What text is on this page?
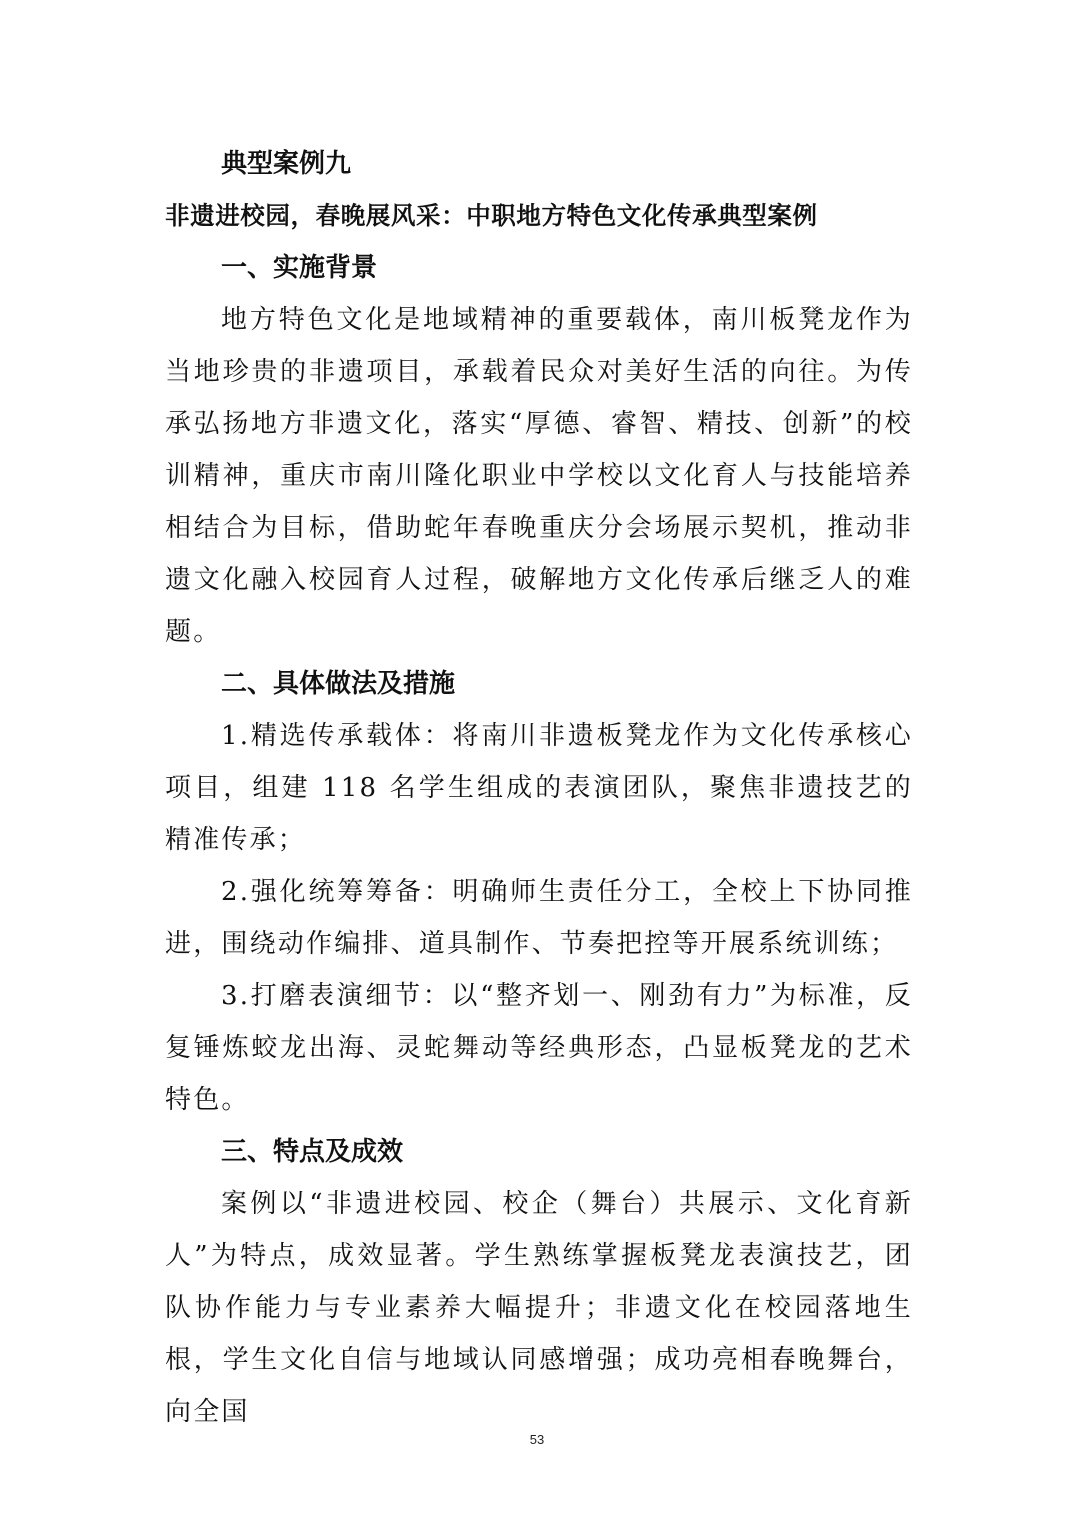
典型案例九

非遗进校园，春晚展风采：中职地方特色文化传承典型案例

一、实施背景

地方特色文化是地域精神的重要载体，南川板凳龙作为当地珍贵的非遗项目，承载着民众对美好生活的向往。为传承弘扬地方非遗文化，落实“厚德、睿智、精技、创新”的校训精神，重庆市南川隆化职业中学校以文化育人与技能培养相结合为目标，借助蛇年春晚重庆分会场展示契机，推动非遗文化融入校园育人过程，破解地方文化传承后继乏人的难题。

二、具体做法及措施

1.精选传承载体：将南川非遗板凳龙作为文化传承核心项目，组建 118 名学生组成的表演团队，聚焦非遗技艺的精准传承；

2.强化统筹筹备：明确师生责任分工，全校上下协同推进，围绕动作编排、道具制作、节奏把控等开展系统训练；

3.打磨表演细节：以“整齐划一、刚劲有力”为标准，反复锤炼蛟龙出海、灵蛇舞动等经典形态，凸显板凳龙的艺术特色。

三、特点及成效

案例以“非遗进校园、校企（舞台）共展示、文化育新人”为特点，成效显著。学生熟练掌握板凳龙表演技艺，团队协作能力与专业素养大幅提升；非遗文化在校园落地生根，学生文化自信与地域认同感增强；成功亮相春晚舞台，向全国

53
